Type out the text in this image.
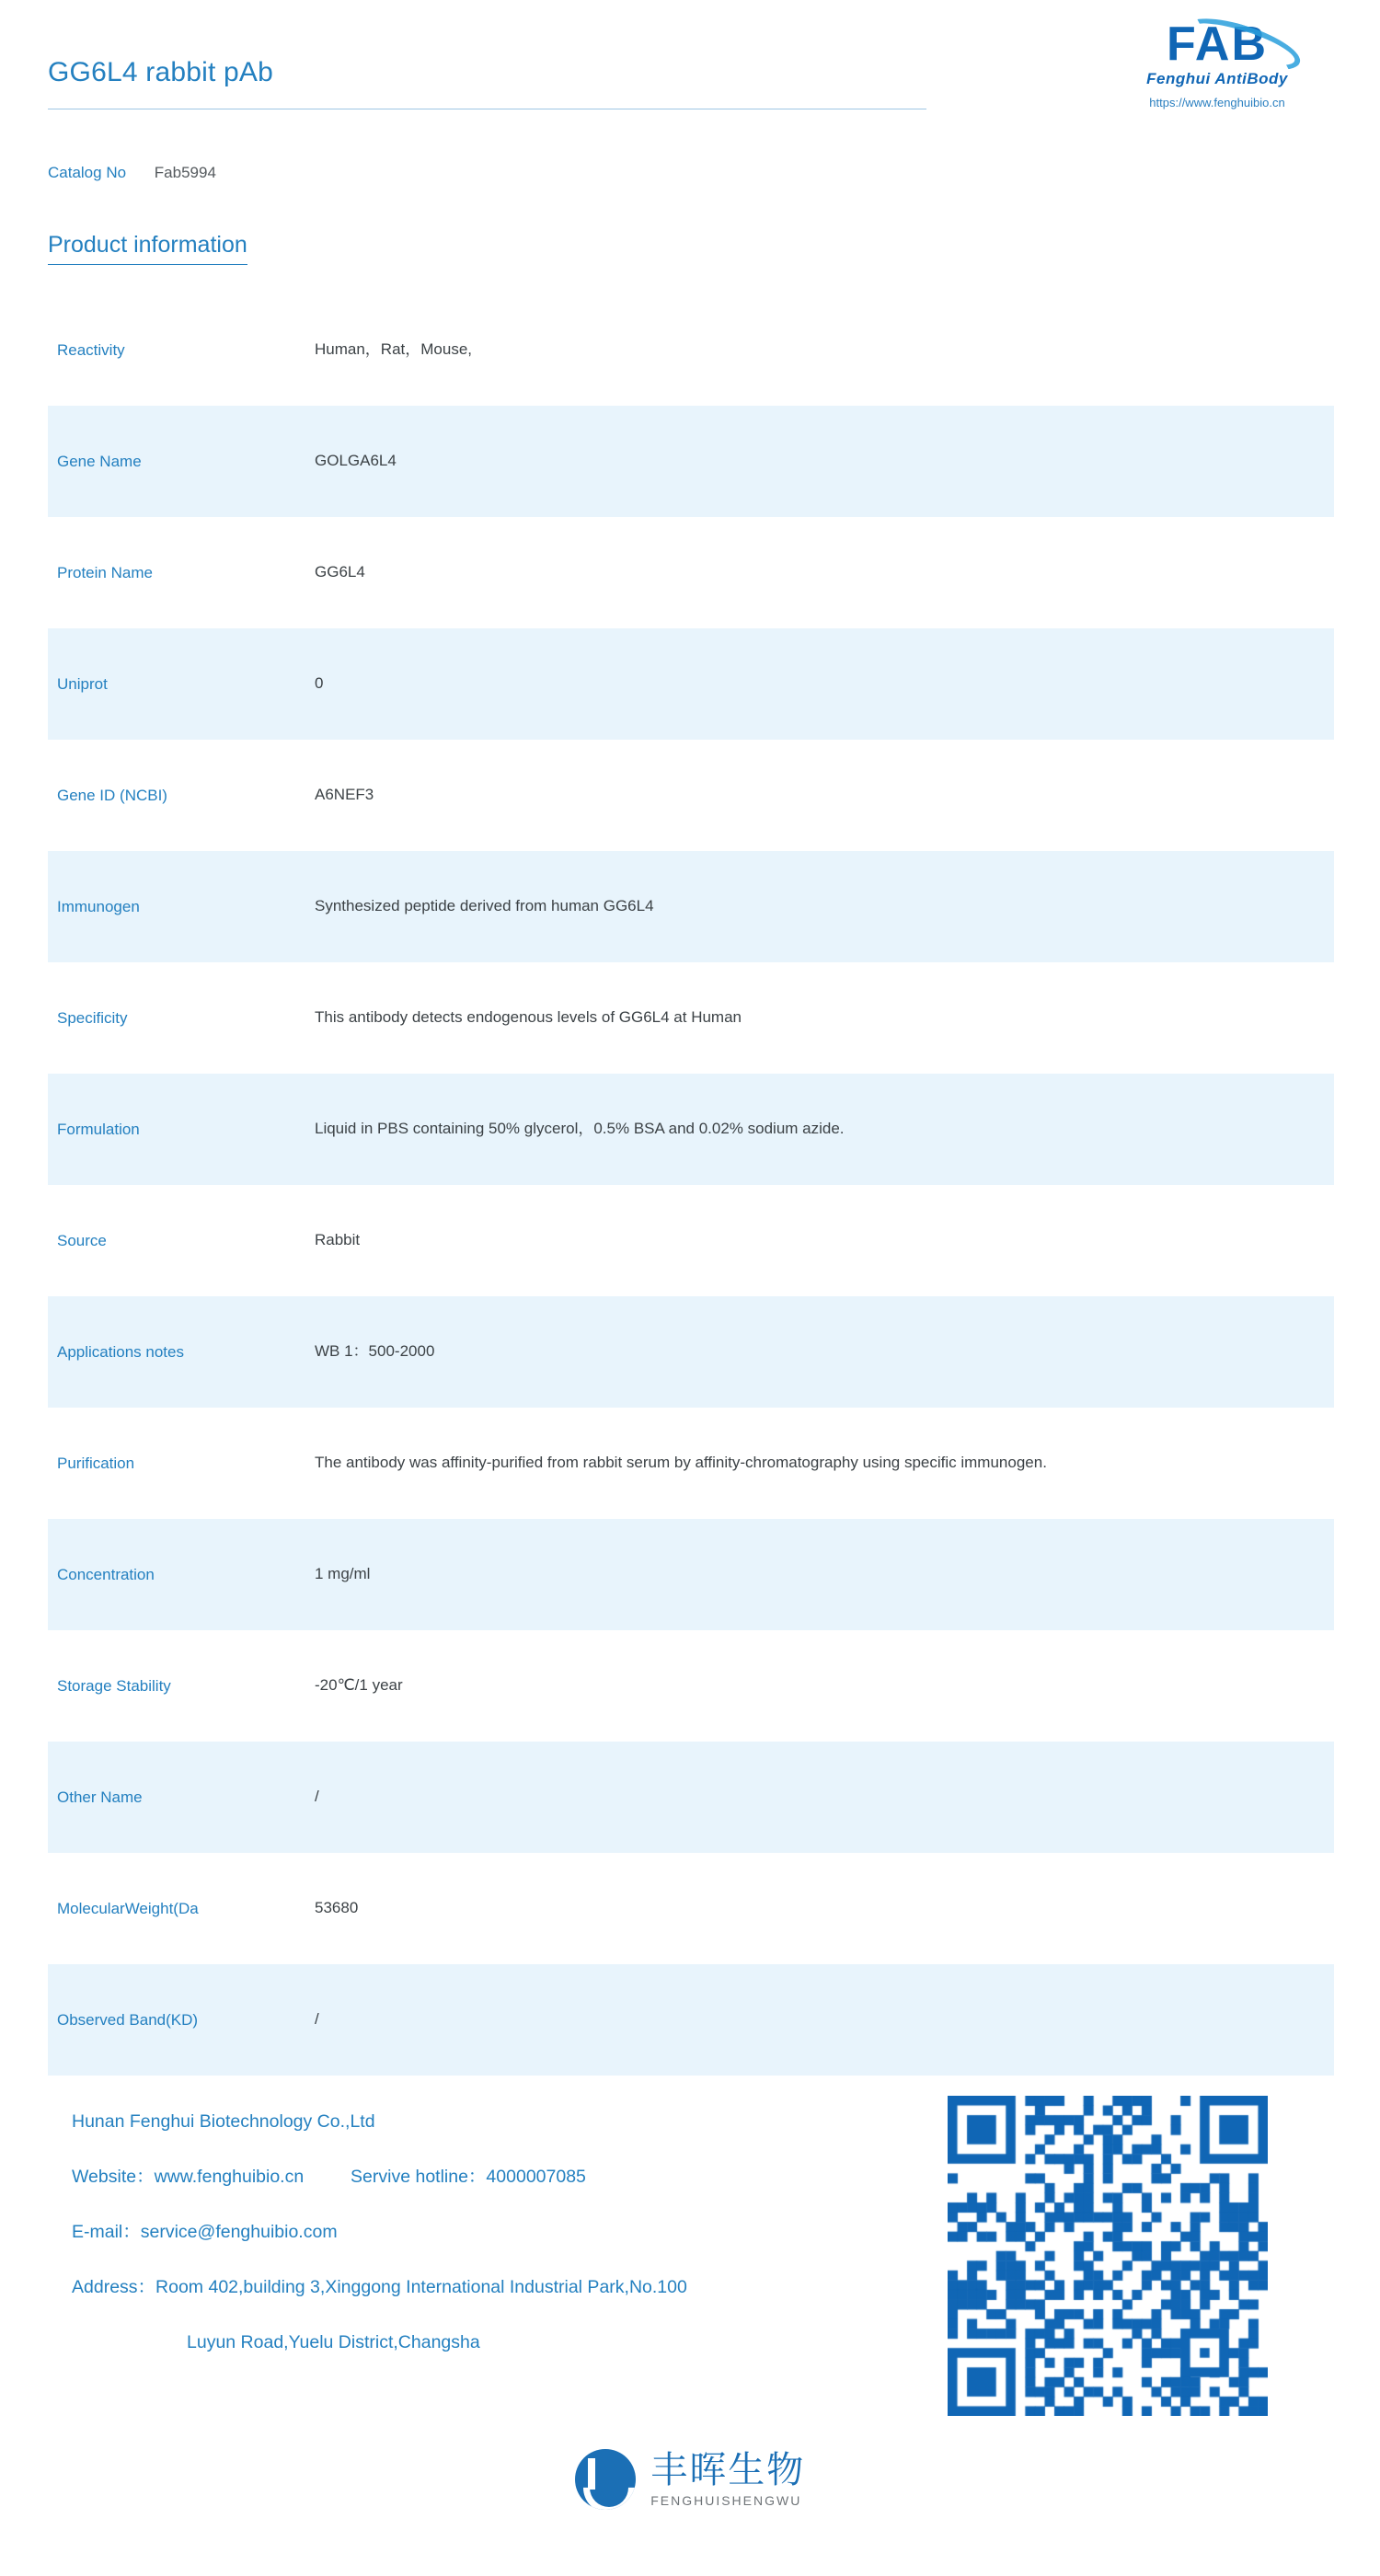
GG6L4 rabbit pAb
FAB
Fenghui AntiBody
https://www.fenghuibio.cn
Catalog No Fab5994
Product information
Reactivity	Human，Rat，Mouse,
Gene Name	GOLGA6L4
Protein Name	GG6L4
Uniprot	0
Gene ID (NCBI)	A6NEF3
Immunogen	Synthesized peptide derived from human GG6L4
Specificity	This antibody detects endogenous levels of GG6L4 at Human
Formulation	Liquid in PBS containing 50% glycerol，0.5% BSA and 0.02% sodium azide.
Source	Rabbit
Applications notes	WB 1：500-2000
Purification	The antibody was affinity-purified from rabbit serum by affinity-chromatography using specific immunogen.
Concentration	1 mg/ml
Storage Stability	-20℃/1 year
Other Name	/
MolecularWeight(Da	53680
Observed Band(KD)	/
Hunan Fenghui Biotechnology Co.,Ltd
Website：www.fenghuibio.cn	Servive hotline：4000007085
E-mail：service@fenghuibio.com
Address：Room 402,building 3,Xinggong International Industrial Park,No.100
Luyun Road,Yuelu District,Changsha
丰晖生物
FENGHUISHENGWU
